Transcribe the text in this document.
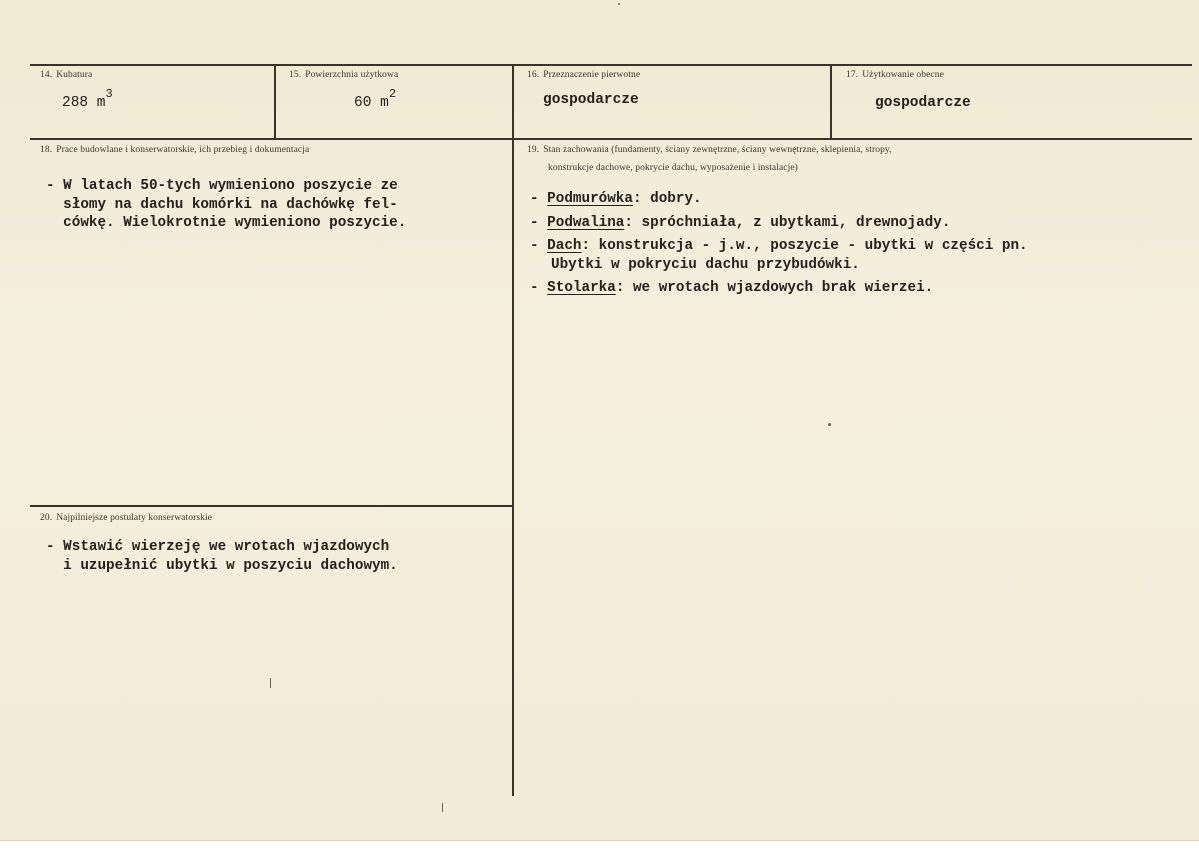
14. Kubatura
288 $m^3$
15. Powierzchnia użytkowa
60 $m^2$
16. Przeznaczenie pierwotne
gospodarcze
17. Użytkowanie obecne
gospodarcze
18. Prace budowlane i konserwatorskie, ich przebieg i dokumentacja
- W latach 50-tych wymieniono poszycie ze
słomy na dachu komórki na dachówkę fel-
cówkę. Wielokrotnie wymieniono poszycie.
19. Stan zachowania (fundamenty, ściany zewnętrzne, ściany wewnętrzne, sklepienia, stropy,
konstrukcje dachowe, pokrycie dachu, wyposażenie i instalacje)
- Podmurówka: dobry.
- Podwalina: spróchniała, z ubytkami, drewnojady.
- Dach: konstrukcja - j.w., poszycie - ubytki w części pn.
Ubytki w pokryciu dachu przybudówki.
- Stolarka: we wrotach wjazdowych brak wierzei.
20. Najpilniejsze postulaty konserwatorskie
- Wstawić wierzeję we wrotach wjazdowych
i uzupełnić ubytki w poszyciu dachowym.
